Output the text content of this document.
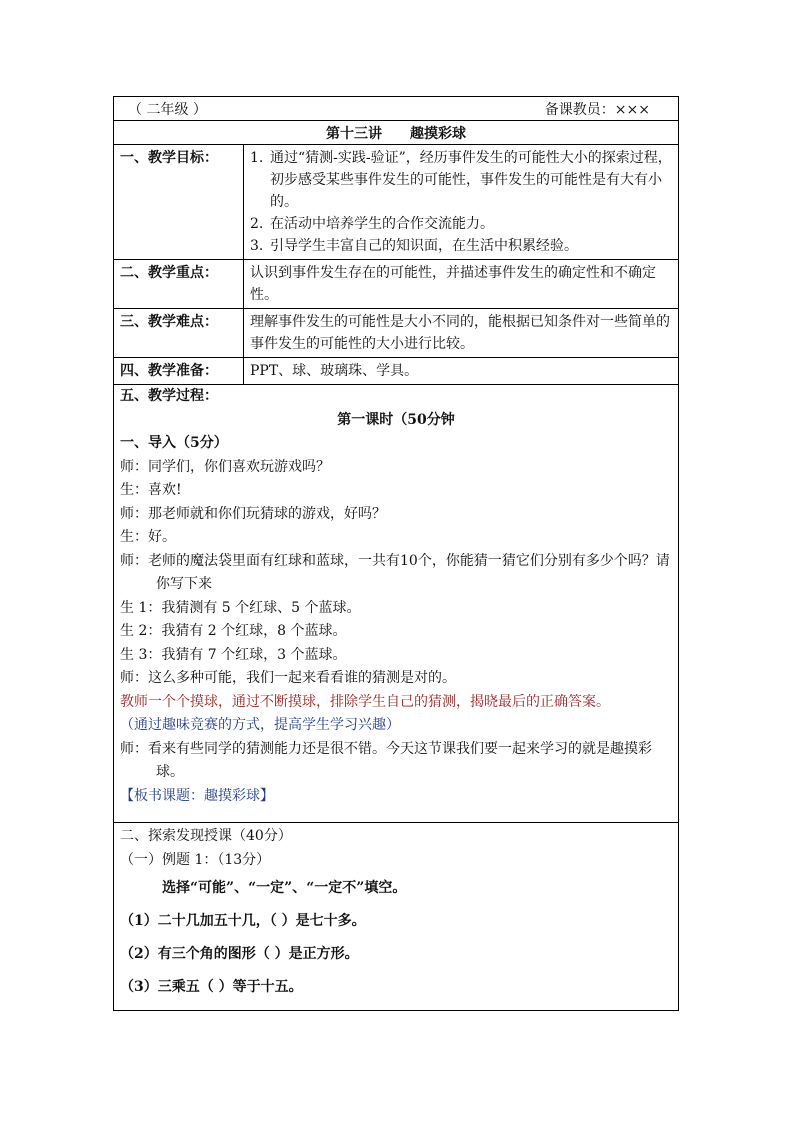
（ 二年级 ）	备课教员：×××
第十三讲 趣摸彩球
一、教学目标：	1. 通过“猜测-实践-验证”，经历事件发生的可能性大小的探索过程，初步感受某些事件发生的可能性，事件发生的可能性是有大有小的。
2. 在活动中培养学生的合作交流能力。
3. 引导学生丰富自己的知识面，在生活中积累经验。
二、教学重点：	认识到事件发生存在的可能性，并描述事件发生的确定性和不确定性。
三、教学难点：	理解事件发生的可能性是大小不同的，能根据已知条件对一些简单的事件发生的可能性的大小进行比较。
四、教学准备：	PPT、球、玻璃珠、学具。
五、教学过程：
第一课时（50分钟
一、导入（5分）
师：同学们，你们喜欢玩游戏吗？
生：喜欢!
师：那老师就和你们玩猜球的游戏，好吗？
生：好。
师：老师的魔法袋里面有红球和蓝球，一共有10个，你能猜一猜它们分别有多少个吗？请你写下来
生 1：我猜测有 5 个红球、5 个蓝球。
生 2：我猜有 2 个红球，8 个蓝球。
生 3：我猜有 7 个红球，3 个蓝球。
师：这么多种可能，我们一起来看看谁的猜测是对的。
教师一个个摸球，通过不断摸球，排除学生自己的猜测，揭晓最后的正确答案。
（通过趣味竞赛的方式，提高学生学习兴趣）
师：看来有些同学的猜测能力还是很不错。今天这节课我们要一起来学习的就是趣摸彩球。
【板书课题：趣摸彩球】
二、探索发现授课（40分）
（一）例题 1：（13分）
选择“可能”、“一定”、“一定不”填空。
（1）二十几加五十几，（ ）是七十多。
（2）有三个角的图形（ ）是正方形。
（3）三乘五（ ）等于十五。
